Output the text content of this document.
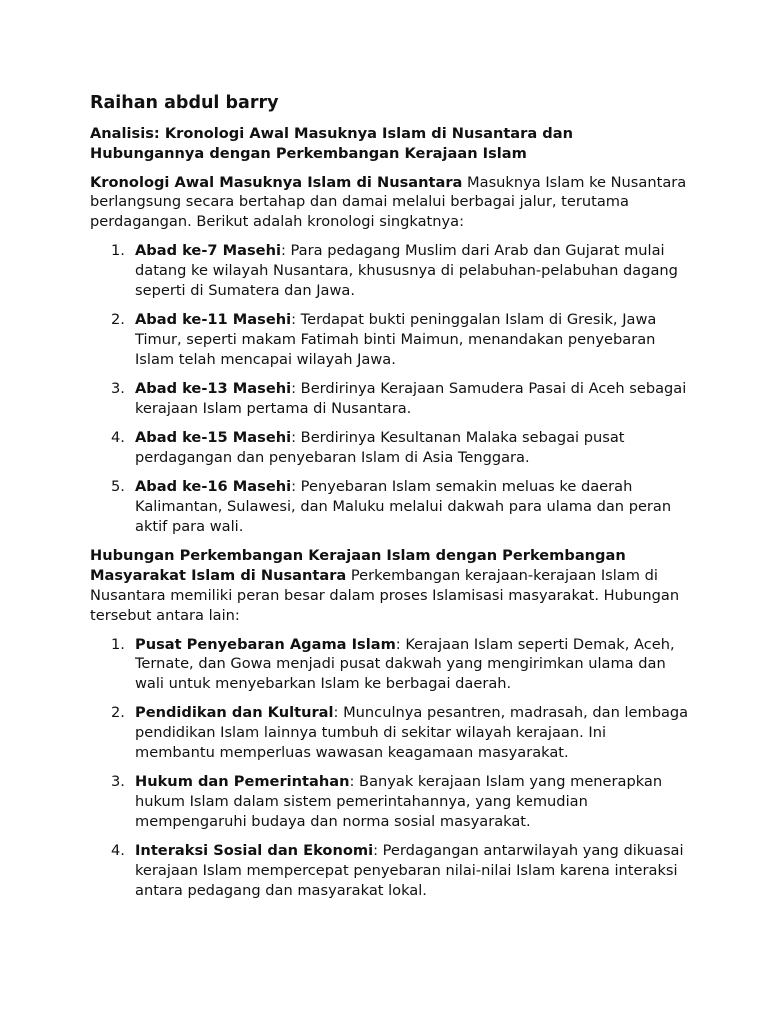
Raihan abdul barry
Analisis: Kronologi Awal Masuknya Islam di Nusantara dan Hubungannya dengan Perkembangan Kerajaan Islam

Kronologi Awal Masuknya Islam di Nusantara Masuknya Islam ke Nusantara berlangsung secara bertahap dan damai melalui berbagai jalur, terutama perdagangan. Berikut adalah kronologi singkatnya:

1. Abad ke-7 Masehi: Para pedagang Muslim dari Arab dan Gujarat mulai datang ke wilayah Nusantara, khususnya di pelabuhan-pelabuhan dagang seperti di Sumatera dan Jawa.
2. Abad ke-11 Masehi: Terdapat bukti peninggalan Islam di Gresik, Jawa Timur, seperti makam Fatimah binti Maimun, menandakan penyebaran Islam telah mencapai wilayah Jawa.
3. Abad ke-13 Masehi: Berdirinya Kerajaan Samudera Pasai di Aceh sebagai kerajaan Islam pertama di Nusantara.
4. Abad ke-15 Masehi: Berdirinya Kesultanan Malaka sebagai pusat perdagangan dan penyebaran Islam di Asia Tenggara.
5. Abad ke-16 Masehi: Penyebaran Islam semakin meluas ke daerah Kalimantan, Sulawesi, dan Maluku melalui dakwah para ulama dan peran aktif para wali.

Hubungan Perkembangan Kerajaan Islam dengan Perkembangan Masyarakat Islam di Nusantara Perkembangan kerajaan-kerajaan Islam di Nusantara memiliki peran besar dalam proses Islamisasi masyarakat. Hubungan tersebut antara lain:

1. Pusat Penyebaran Agama Islam: Kerajaan Islam seperti Demak, Aceh, Ternate, dan Gowa menjadi pusat dakwah yang mengirimkan ulama dan wali untuk menyebarkan Islam ke berbagai daerah.
2. Pendidikan dan Kultural: Munculnya pesantren, madrasah, dan lembaga pendidikan Islam lainnya tumbuh di sekitar wilayah kerajaan. Ini membantu memperluas wawasan keagamaan masyarakat.
3. Hukum dan Pemerintahan: Banyak kerajaan Islam yang menerapkan hukum Islam dalam sistem pemerintahannya, yang kemudian mempengaruhi budaya dan norma sosial masyarakat.
4. Interaksi Sosial dan Ekonomi: Perdagangan antarwilayah yang dikuasai kerajaan Islam mempercepat penyebaran nilai-nilai Islam karena interaksi antara pedagang dan masyarakat lokal.
